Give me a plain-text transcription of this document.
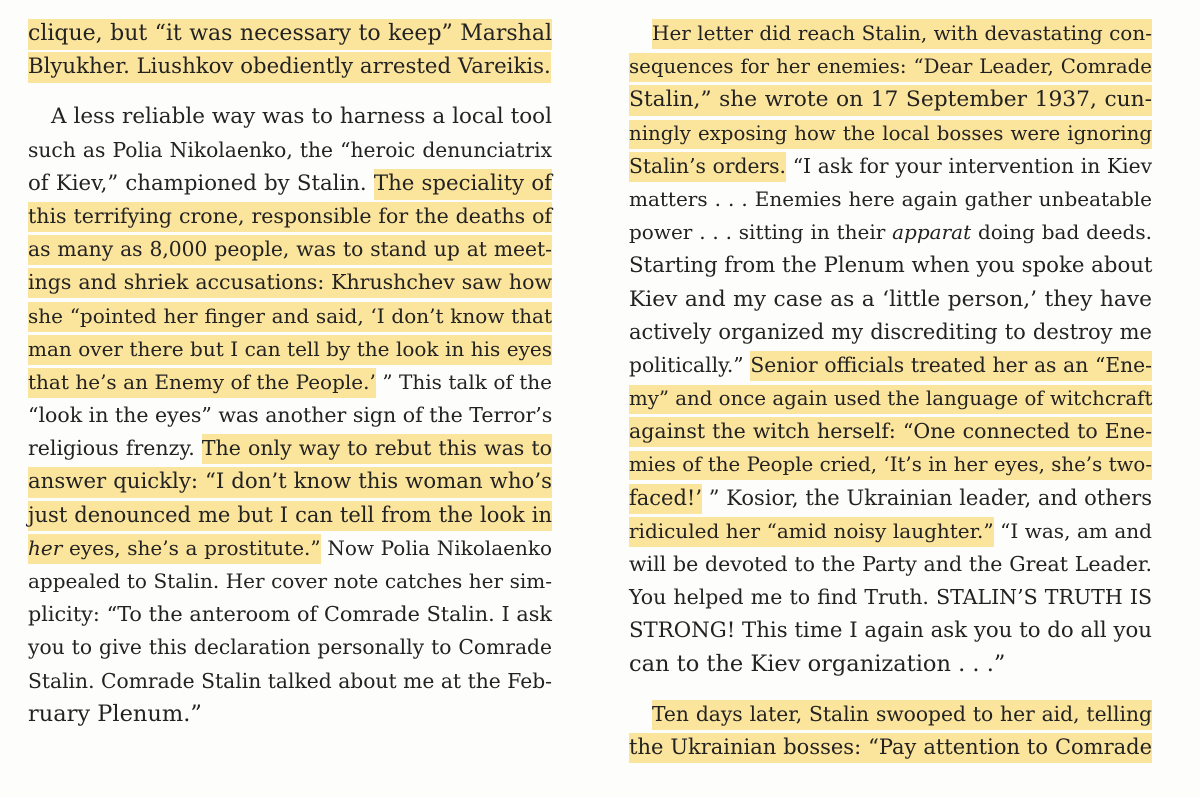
clique, but “it was necessary to keep” Marshal
Blyukher. Liushkov obediently arrested Vareikis.
A less reliable way was to harness a local tool
such as Polia Nikolaenko, the “heroic denunciatrix
of Kiev,” championed by Stalin. The speciality of
this terrifying crone, responsible for the deaths of
as many as 8,000 people, was to stand up at meet-
ings and shriek accusations: Khrushchev saw how
she “pointed her finger and said, ‘I don’t know that
man over there but I can tell by the look in his eyes
that he’s an Enemy of the People.’ ” This talk of the
“look in the eyes” was another sign of the Terror’s
religious frenzy. The only way to rebut this was to
answer quickly: “I don’t know this woman who’s
just denounced me but I can tell from the look in
her eyes, she’s a prostitute.” Now Polia Nikolaenko
appealed to Stalin. Her cover note catches her sim-
plicity: “To the anteroom of Comrade Stalin. I ask
you to give this declaration personally to Comrade
Stalin. Comrade Stalin talked about me at the Feb-
ruary Plenum.”
Her letter did reach Stalin, with devastating con-
sequences for her enemies: “Dear Leader, Comrade
Stalin,” she wrote on 17 September 1937, cun-
ningly exposing how the local bosses were ignoring
Stalin’s orders. “I ask for your intervention in Kiev
matters . . . Enemies here again gather unbeatable
power . . . sitting in their apparat doing bad deeds.
Starting from the Plenum when you spoke about
Kiev and my case as a ‘little person,’ they have
actively organized my discrediting to destroy me
politically.” Senior officials treated her as an “Ene-
my” and once again used the language of witchcraft
against the witch herself: “One connected to Ene-
mies of the People cried, ‘It’s in her eyes, she’s two-
faced!’ ” Kosior, the Ukrainian leader, and others
ridiculed her “amid noisy laughter.” “I was, am and
will be devoted to the Party and the Great Leader.
You helped me to find Truth. STALIN’S TRUTH IS
STRONG! This time I again ask you to do all you
can to the Kiev organization . . .”
Ten days later, Stalin swooped to her aid, telling
the Ukrainian bosses: “Pay attention to Comrade
